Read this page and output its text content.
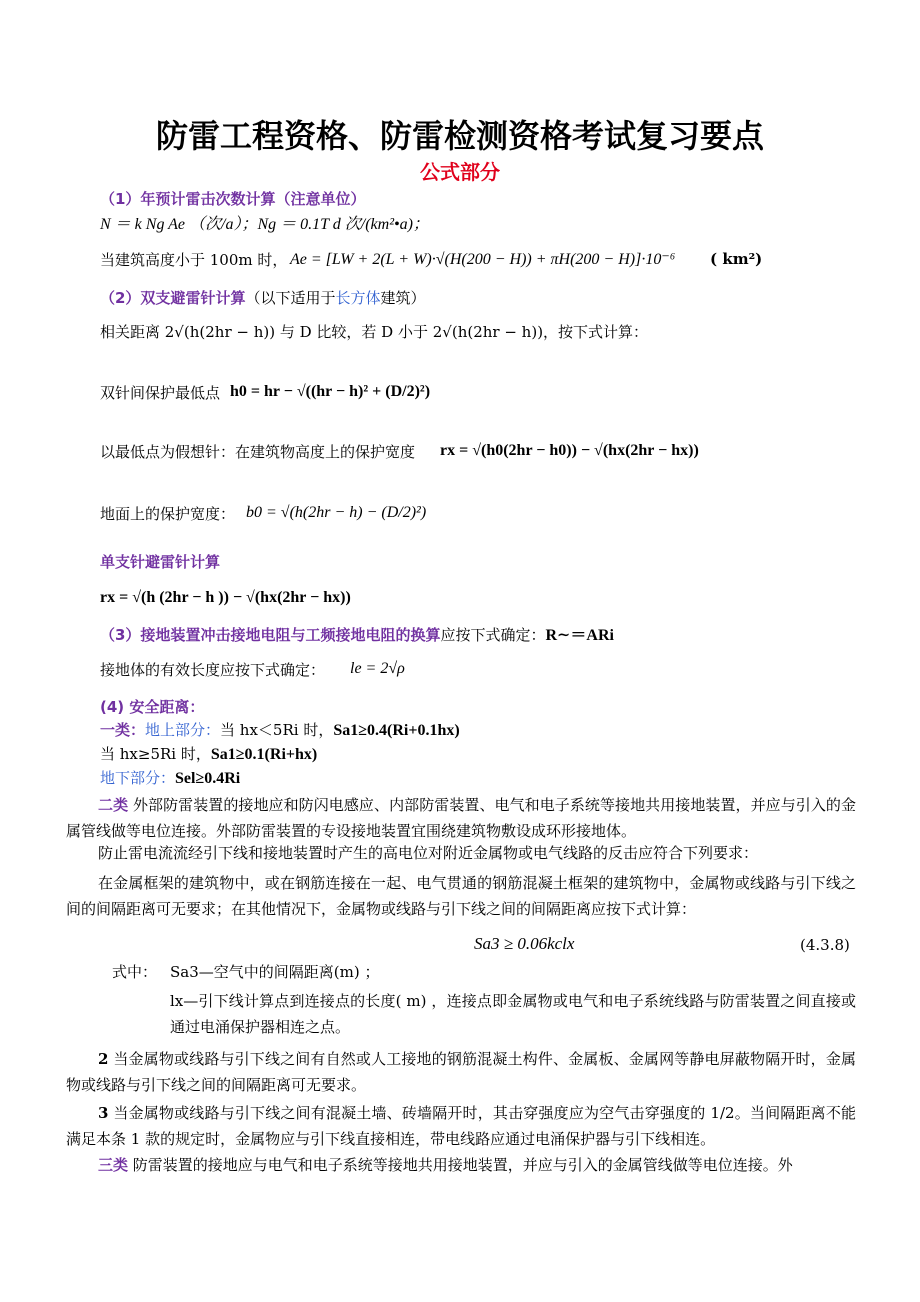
防雷工程资格、防雷检测资格考试复习要点
公式部分
（1）年预计雷击次数计算（注意单位）
N ＝ k Ng Ae （次/a）；Ng ＝ 0.1T d 次/(km²•a)；
当建筑高度小于 100m 时， Ae = [LW + 2(L + W)·√(H(200 − H)) + πH(200 − H)]·10⁻⁶ ( km²)
（2）双支避雷针计算（以下适用于长方体建筑）
相关距离 2√(h(2hr − h)) 与 D 比较，若 D 小于 2√(h(2hr − h))，按下式计算：
双针间保护最低点 h0 = hr − √((hr − h)² + (D/2)²)
以最低点为假想针：在建筑物高度上的保护宽度 rx = √(h0(2hr − h0)) − √(hx(2hr − hx))
地面上的保护宽度： b0 = √(h(2hr − h) − (D/2)²)
单支针避雷针计算
rx = √(h (2hr − h )) − √(hx(2hr − hx))
（3）接地装置冲击接地电阻与工频接地电阻的换算应按下式确定：R∼＝ARi
接地体的有效长度应按下式确定： le = 2√ρ
(4) 安全距离：
一类：地上部分：当 hx＜5Ri 时，Sa1≥0.4(Ri+0.1hx)
当 hx≥5Ri 时，Sa1≥0.1(Ri+hx)
地下部分：Sel≥0.4Ri
二类 外部防雷装置的接地应和防闪电感应、内部防雷装置、电气和电子系统等接地共用接地装置，并应与引入的金属管线做等电位连接。外部防雷装置的专设接地装置宜围绕建筑物敷设成环形接地体。
防止雷电流流经引下线和接地装置时产生的高电位对附近金属物或电气线路的反击应符合下列要求：
在金属框架的建筑物中，或在钢筋连接在一起、电气贯通的钢筋混凝土框架的建筑物中，金属物或线路与引下线之间的间隔距离可无要求；在其他情况下，金属物或线路与引下线之间的间隔距离应按下式计算：
Sa3 ≥ 0.06kclx	(4.3.8)
式中： Sa3—空气中的间隔距离(m) ；
lx—引下线计算点到连接点的长度( m) ，连接点即金属物或电气和电子系统线路与防雷装置之间直接或通过电涌保护器相连之点。
2 当金属物或线路与引下线之间有自然或人工接地的钢筋混凝土构件、金属板、金属网等静电屏蔽物隔开时，金属物或线路与引下线之间的间隔距离可无要求。
3 当金属物或线路与引下线之间有混凝土墙、砖墙隔开时，其击穿强度应为空气击穿强度的 1/2。当间隔距离不能满足本条 1 款的规定时，金属物应与引下线直接相连，带电线路应通过电涌保护器与引下线相连。
三类 防雷装置的接地应与电气和电子系统等接地共用接地装置，并应与引入的金属管线做等电位连接。外
